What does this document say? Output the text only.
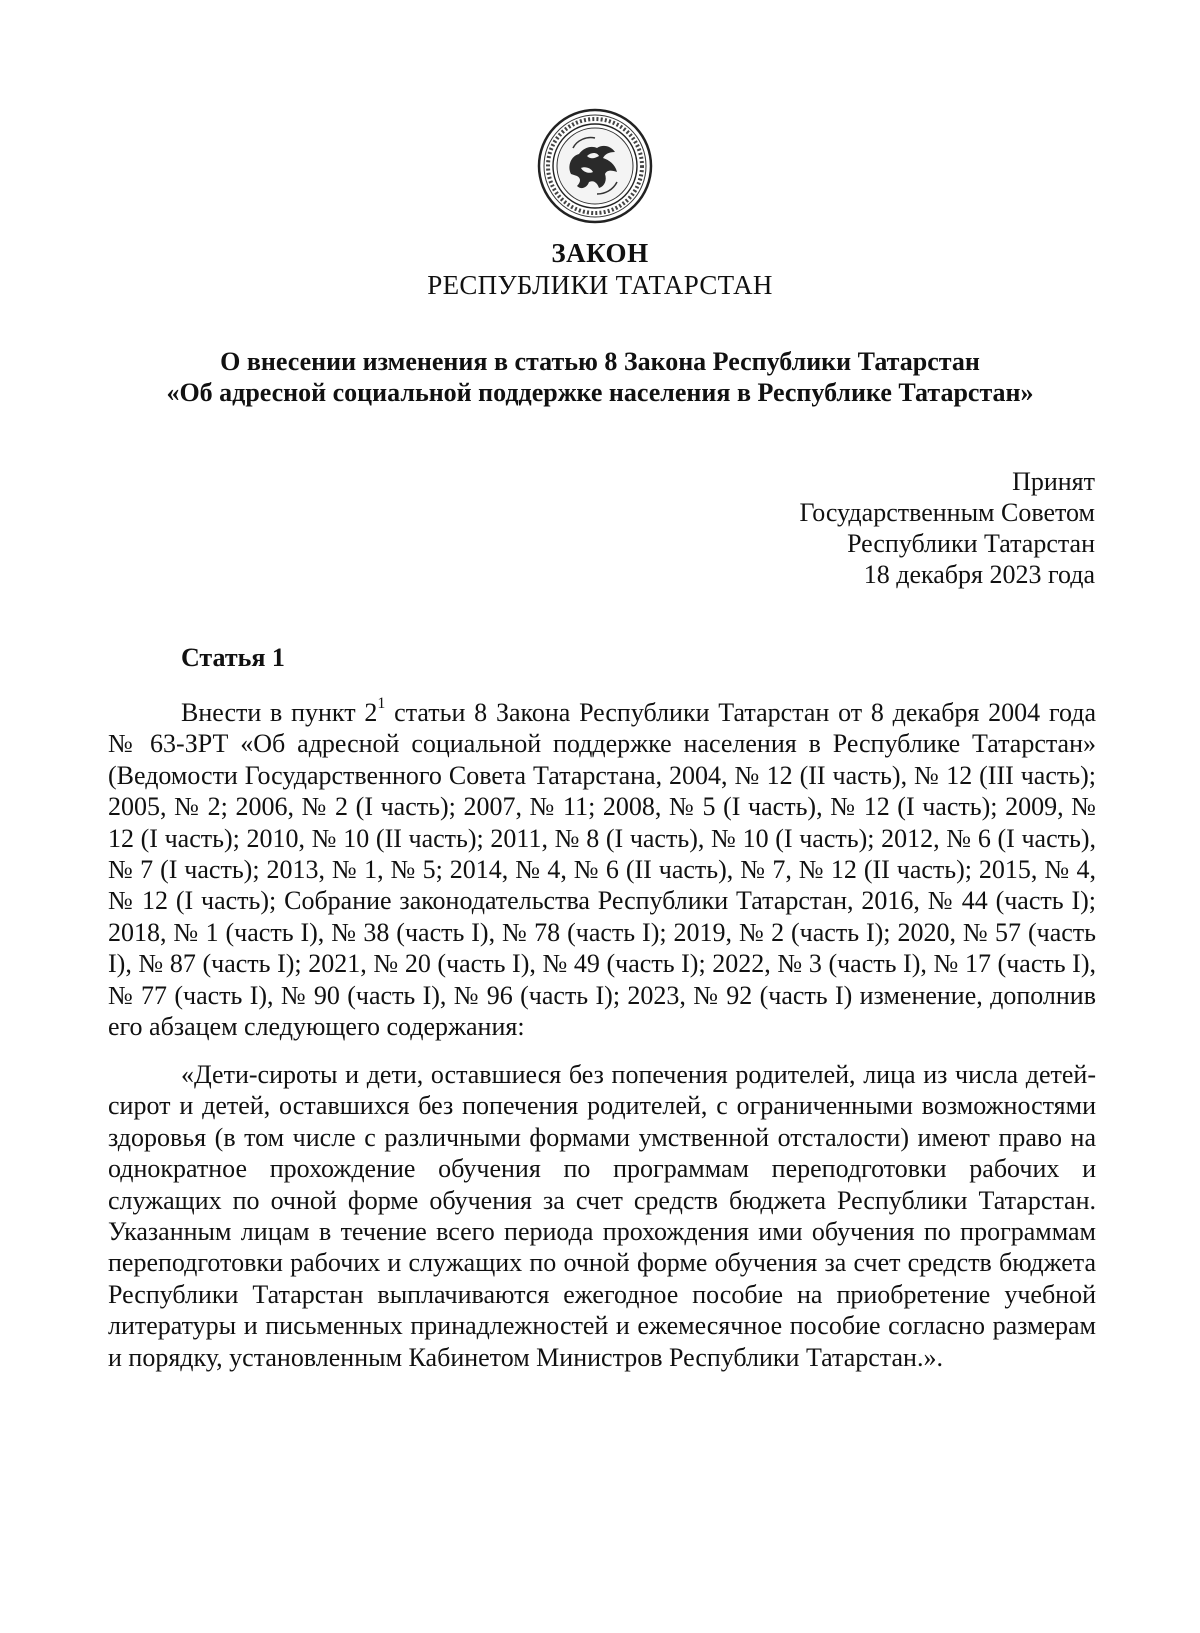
ЗАКОН
РЕСПУБЛИКИ ТАТАРСТАН
О внесении изменения в статью 8 Закона Республики Татарстан
«Об адресной социальной поддержке населения в Республике Татарстан»
Принят
Государственным Советом
Республики Татарстан
18 декабря 2023 года
Статья 1
Внести в пункт $2^1$ статьи 8 Закона Республики Татарстан от 8 декабря 2004 года № 63-ЗРТ «Об адресной социальной поддержке населения в Республике Татарстан» (Ведомости Государственного Совета Татарстана, 2004, № 12 (II часть), № 12 (III часть); 2005, № 2; 2006, № 2 (I часть); 2007, № 11; 2008, № 5 (I часть), № 12 (I часть); 2009, № 12 (I часть); 2010, № 10 (II часть); 2011, № 8 (I часть), № 10 (I часть); 2012, № 6 (I часть), № 7 (I часть); 2013, № 1, № 5; 2014, № 4, № 6 (II часть), № 7, № 12 (II часть); 2015, № 4, № 12 (I часть); Собрание законодательства Республики Татарстан, 2016, № 44 (часть I); 2018, № 1 (часть I), № 38 (часть I), № 78 (часть I); 2019, № 2 (часть I); 2020, № 57 (часть I), № 87 (часть I); 2021, № 20 (часть I), № 49 (часть I); 2022, № 3 (часть I), № 17 (часть I), № 77 (часть I), № 90 (часть I), № 96 (часть I); 2023, № 92 (часть I) изменение, дополнив его абзацем следующего содержания:
«Дети-сироты и дети, оставшиеся без попечения родителей, лица из числа детей-сирот и детей, оставшихся без попечения родителей, с ограниченными возможностями здоровья (в том числе с различными формами умственной отсталости) имеют право на однократное прохождение обучения по программам переподготовки рабочих и служащих по очной форме обучения за счет средств бюджета Республики Татарстан. Указанным лицам в течение всего периода прохождения ими обучения по программам переподготовки рабочих и служащих по очной форме обучения за счет средств бюджета Республики Татарстан выплачиваются ежегодное пособие на приобретение учебной литературы и письменных принадлежностей и ежемесячное пособие согласно размерам и порядку, установленным Кабинетом Министров Республики Татарстан.».
